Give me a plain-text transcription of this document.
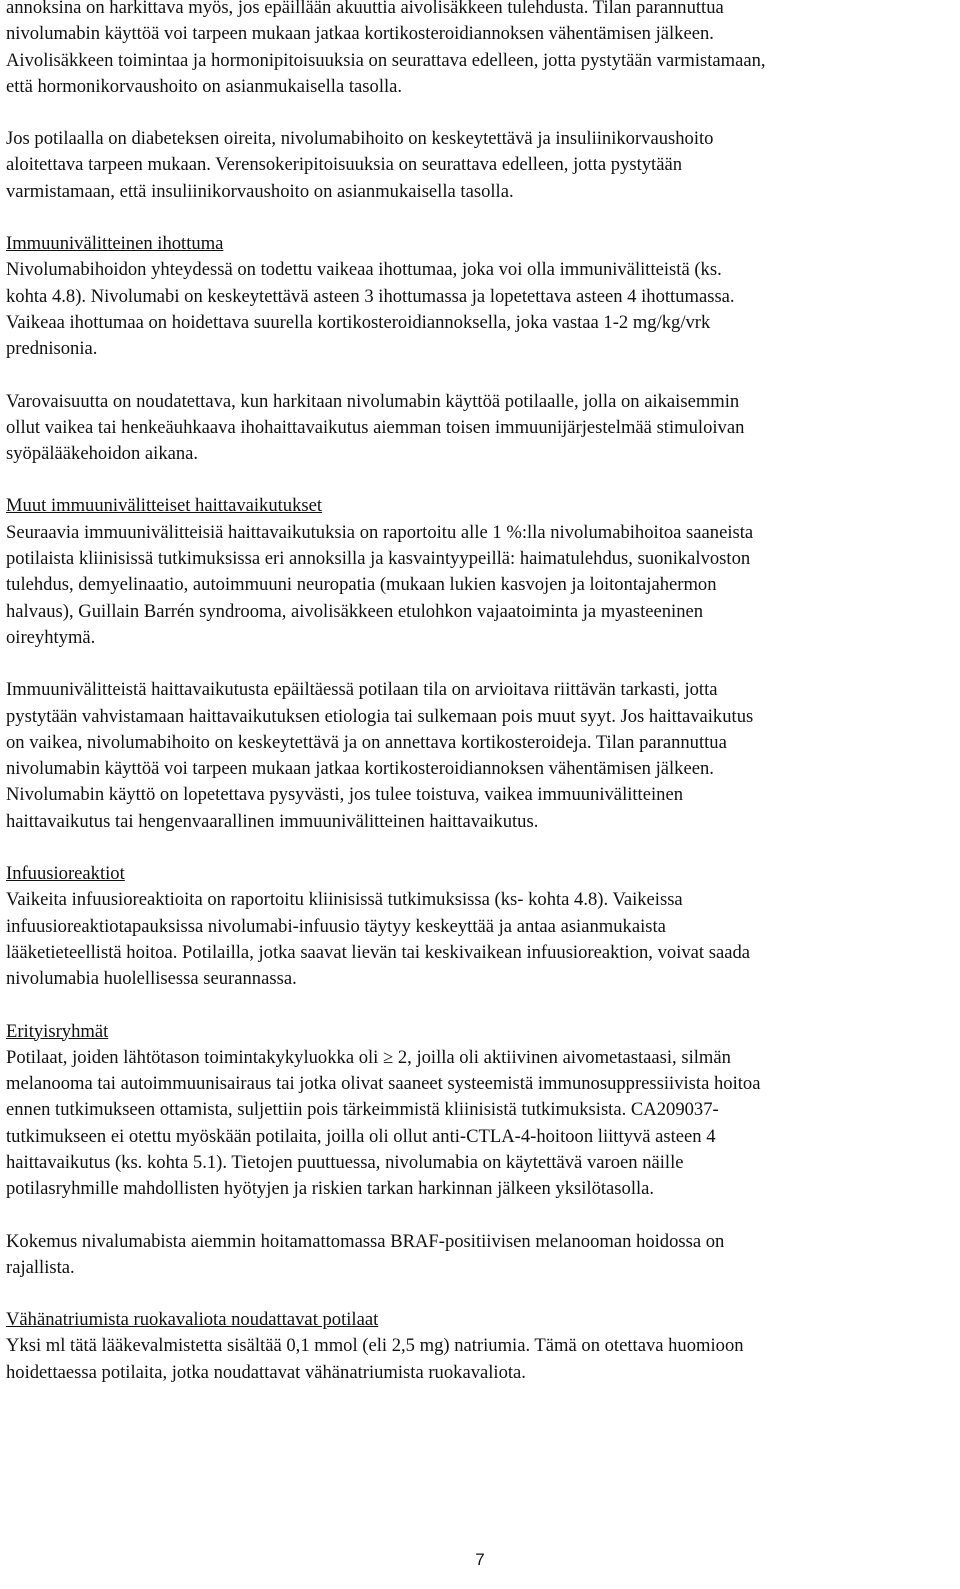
annoksina on harkittava myös, jos epäillään akuuttia aivolisäkkeen tulehdusta. Tilan parannuttua
nivolumabin käyttöä voi tarpeen mukaan jatkaa kortikosteroidiannoksen vähentämisen jälkeen.
Aivolisäkkeen toimintaa ja hormonipitoisuuksia on seurattava edelleen, jotta pystytään varmistamaan,
että hormonikorvaushoito on asianmukaisella tasolla.
Jos potilaalla on diabeteksen oireita, nivolumabihoito on keskeytettävä ja insuliinikorvaushoito
aloitettava tarpeen mukaan. Verensokeripitoisuuksia on seurattava edelleen, jotta pystytään
varmistamaan, että insuliinikorvaushoito on asianmukaisella tasolla.
Immuunivälitteinen ihottuma
Nivolumabihoidon yhteydessä on todettu vaikeaa ihottumaa, joka voi olla immunivälitteistä (ks.
kohta 4.8). Nivolumabi on keskeytettävä asteen 3 ihottumassa ja lopetettava asteen 4 ihottumassa.
Vaikeaa ihottumaa on hoidettava suurella kortikosteroidiannoksella, joka vastaa 1-2 mg/kg/vrk
prednisonia.
Varovaisuutta on noudatettava, kun harkitaan nivolumabin käyttöä potilaalle, jolla on aikaisemmin
ollut vaikea tai henkeäuhkaava ihohaittavaikutus aiemman toisen immuunijärjestelmää stimuloivan
syöpälääkehoidon aikana.
Muut immuunivälitteiset haittavaikutukset
Seuraavia immuunivälitteisiä haittavaikutuksia on raportoitu alle 1 %:lla nivolumabihoitoa saaneista
potilaista kliinisissä tutkimuksissa eri annoksilla ja kasvaintyypeillä: haimatulehdus, suonikalvoston
tulehdus, demyelinaatio, autoimmuuni neuropatia (mukaan lukien kasvojen ja loitontajahermon
halvaus), Guillain Barrén syndrooma, aivolisäkkeen etulohkon vajaatoiminta ja myasteeninen
oireyhtymä.
Immuunivälitteistä haittavaikutusta epäiltäessä potilaan tila on arvioitava riittävän tarkasti, jotta
pystytään vahvistamaan haittavaikutuksen etiologia tai sulkemaan pois muut syyt. Jos haittavaikutus
on vaikea, nivolumabihoito on keskeytettävä ja on annettava kortikosteroideja. Tilan parannuttua
nivolumabin käyttöä voi tarpeen mukaan jatkaa kortikosteroidiannoksen vähentämisen jälkeen.
Nivolumabin käyttö on lopetettava pysyvästi, jos tulee toistuva, vaikea immuunivälitteinen
haittavaikutus tai hengenvaarallinen immuunivälitteinen haittavaikutus.
Infuusioreaktiot
Vaikeita infuusioreaktioita on raportoitu kliinisissä tutkimuksissa (ks- kohta 4.8). Vaikeissa
infuusioreaktiotapauksissa nivolumabi-infuusio täytyy keskeyttää ja antaa asianmukaista
lääketieteellistä hoitoa. Potilailla, jotka saavat lievän tai keskivaikean infuusioreaktion, voivat saada
nivolumabia huolellisessa seurannassa.
Erityisryhmät
Potilaat, joiden lähtötason toimintakykyluokka oli ≥ 2, joilla oli aktiivinen aivometastaasi, silmän
melanooma tai autoimmuunisairaus tai jotka olivat saaneet systeemistä immunosuppressiivista hoitoa
ennen tutkimukseen ottamista, suljettiin pois tärkeimmistä kliinisistä tutkimuksista. CA209037-
tutkimukseen ei otettu myöskään potilaita, joilla oli ollut anti-CTLA-4-hoitoon liittyvä asteen 4
haittavaikutus (ks. kohta 5.1). Tietojen puuttuessa, nivolumabia on käytettävä varoen näille
potilasryhmille mahdollisten hyötyjen ja riskien tarkan harkinnan jälkeen yksilötasolla.
Kokemus nivalumabista aiemmin hoitamattomassa BRAF-positiivisen melanooman hoidossa on
rajallista.
Vähänatriumista ruokavaliota noudattavat potilaat
Yksi ml tätä lääkevalmistetta sisältää 0,1 mmol (eli 2,5 mg) natriumia. Tämä on otettava huomioon
hoidettaessa potilaita, jotka noudattavat vähänatriumista ruokavaliota.
7
